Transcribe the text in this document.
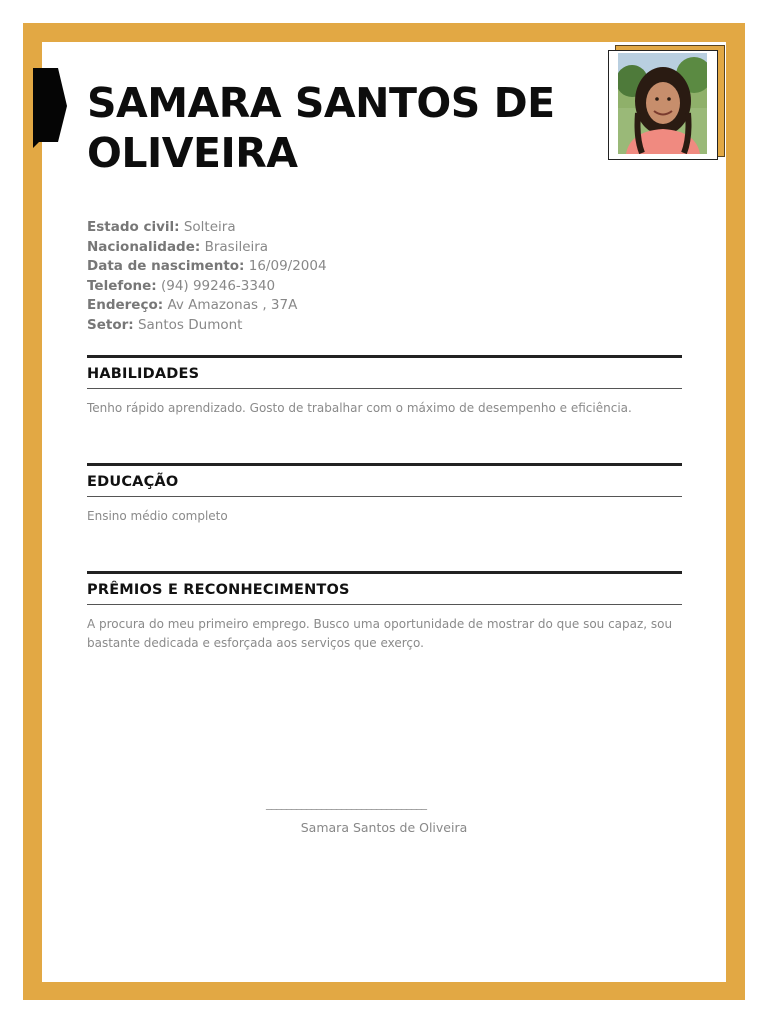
SAMARA SANTOS DE OLIVEIRA
Estado civil: Solteira
Nacionalidade: Brasileira
Data de nascimento: 16/09/2004
Telefone: (94) 99246-3340
Endereço: Av Amazonas , 37A
Setor: Santos Dumont
HABILIDADES
Tenho rápido aprendizado. Gosto de trabalhar com o máximo de desempenho e eficiência.
EDUCAÇÃO
Ensino médio completo
PRÊMIOS E RECONHECIMENTOS
A procura do meu primeiro emprego. Busco uma oportunidade de mostrar do que sou capaz, sou bastante dedicada e esforçada aos serviços que exerço.
________________________________
Samara Santos de Oliveira
